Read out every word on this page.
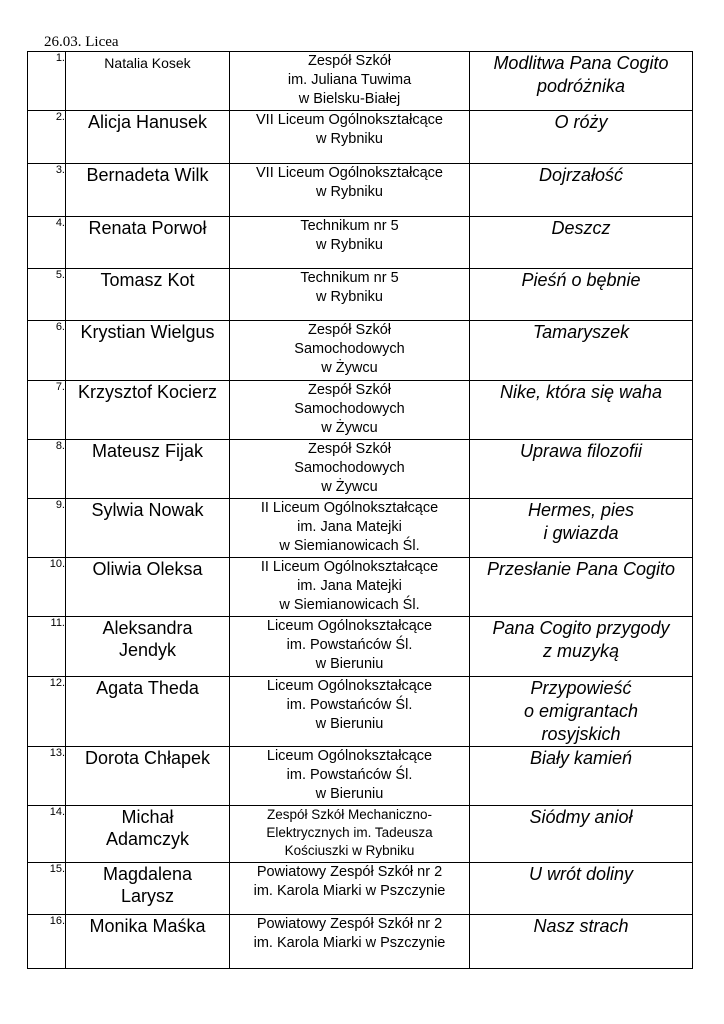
26.03. Licea
1.	Natalia Kosek	Zespół Szkół
im. Juliana Tuwima
w Bielsku-Białej	Modlitwa Pana Cogito
podróżnika

2.	Alicja Hanusek	VII Liceum Ogólnokształcące
w Rybniku	O róży

3.	Bernadeta Wilk	VII Liceum Ogólnokształcące
w Rybniku	Dojrzałość

4.	Renata Porwoł	Technikum nr 5
w Rybniku	Deszcz

5.	Tomasz Kot	Technikum nr 5
w Rybniku	Pieśń o bębnie

6.	Krystian Wielgus	Zespół Szkół
Samochodowych
w Żywcu	Tamaryszek

7.	Krzysztof Kocierz	Zespół Szkół
Samochodowych
w Żywcu	Nike, która się waha

8.	Mateusz Fijak	Zespół Szkół
Samochodowych
w Żywcu	Uprawa filozofii

9.	Sylwia Nowak	II Liceum Ogólnokształcące
im. Jana Matejki
w Siemianowicach Śl.	Hermes, pies
i gwiazda

10.	Oliwia Oleksa	II Liceum Ogólnokształcące
im. Jana Matejki
w Siemianowicach Śl.	Przesłanie Pana Cogito

11.	Aleksandra
Jendyk	Liceum Ogólnokształcące
im. Powstańców Śl.
w Bieruniu	Pana Cogito przygody
z muzyką

12.	Agata Theda	Liceum Ogólnokształcące
im. Powstańców Śl.
w Bieruniu	Przypowieść
o emigrantach
rosyjskich

13.	Dorota Chłapek	Liceum Ogólnokształcące
im. Powstańców Śl.
w Bieruniu	Biały kamień

14.	Michał
Adamczyk	Zespół Szkół Mechaniczno-
Elektrycznych im. Tadeusza
Kościuszki w Rybniku	Siódmy anioł

15.	Magdalena
Larysz	Powiatowy Zespół Szkół nr 2
im. Karola Miarki w Pszczynie	U wrót doliny

16.	Monika Maśka	Powiatowy Zespół Szkół nr 2
im. Karola Miarki w Pszczynie	Nasz strach
